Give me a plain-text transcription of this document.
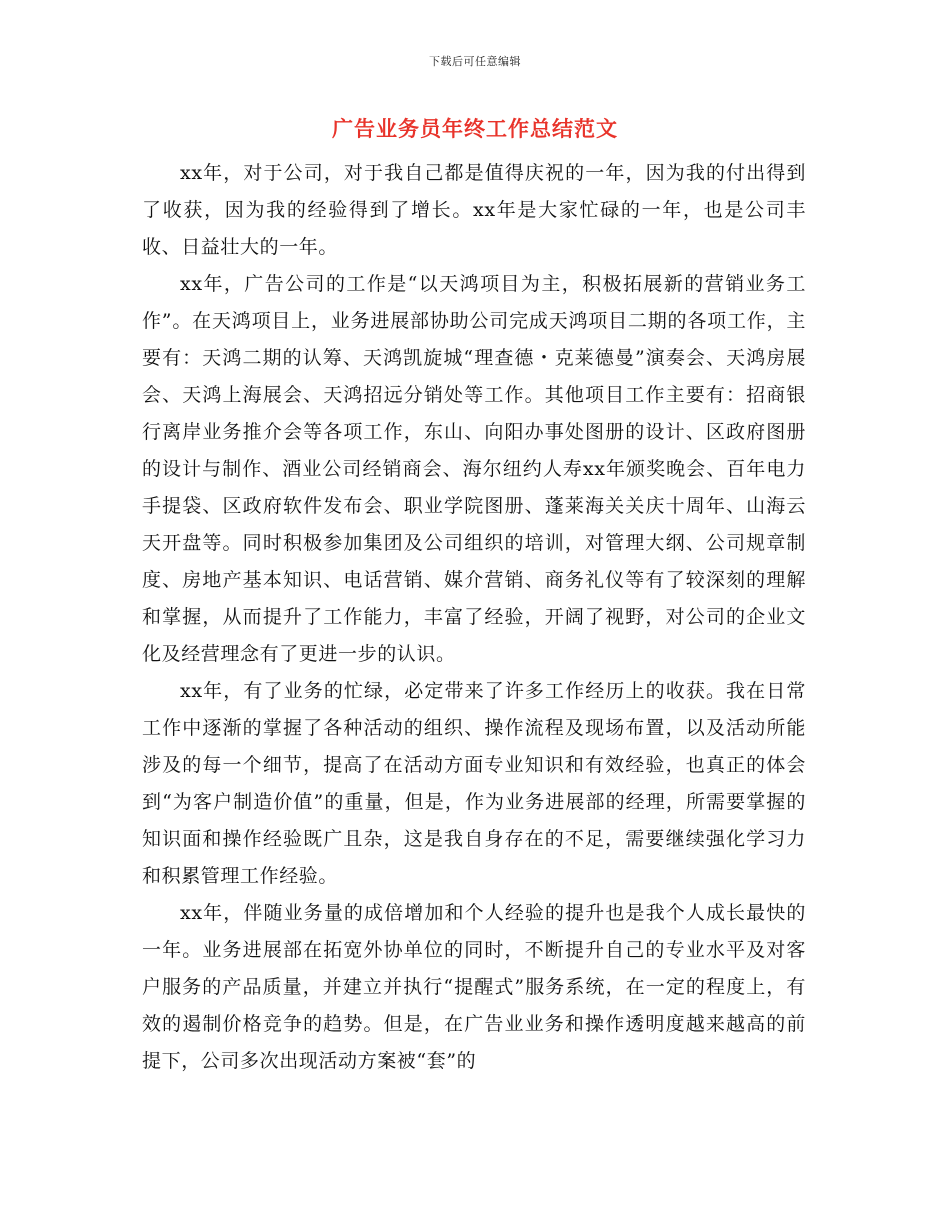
下载后可任意编辑
广告业务员年终工作总结范文

xx年，对于公司，对于我自己都是值得庆祝的一年，因为我的付出得到了收获，因为我的经验得到了增长。xx年是大家忙碌的一年，也是公司丰收、日益壮大的一年。

xx年，广告公司的工作是“以天鸿项目为主，积极拓展新的营销业务工作”。在天鸿项目上，业务进展部协助公司完成天鸿项目二期的各项工作，主要有：天鸿二期的认筹、天鸿凯旋城“理查德・克莱德曼”演奏会、天鸿房展会、天鸿上海展会、天鸿招远分销处等工作。其他项目工作主要有：招商银行离岸业务推介会等各项工作，东山、向阳办事处图册的设计、区政府图册的设计与制作、酒业公司经销商会、海尔纽约人寿xx年颁奖晚会、百年电力手提袋、区政府软件发布会、职业学院图册、蓬莱海关关庆十周年、山海云天开盘等。同时积极参加集团及公司组织的培训，对管理大纲、公司规章制度、房地产基本知识、电话营销、媒介营销、商务礼仪等有了较深刻的理解和掌握，从而提升了工作能力，丰富了经验，开阔了视野，对公司的企业文化及经营理念有了更进一步的认识。

xx年，有了业务的忙绿，必定带来了许多工作经历上的收获。我在日常工作中逐渐的掌握了各种活动的组织、操作流程及现场布置，以及活动所能涉及的每一个细节，提高了在活动方面专业知识和有效经验，也真正的体会到“为客户制造价值”的重量，但是，作为业务进展部的经理，所需要掌握的知识面和操作经验既广且杂，这是我自身存在的不足，需要继续强化学习力和积累管理工作经验。

xx年，伴随业务量的成倍增加和个人经验的提升也是我个人成长最快的一年。业务进展部在拓宽外协单位的同时，不断提升自己的专业水平及对客户服务的产品质量，并建立并执行“提醒式”服务系统，在一定的程度上，有效的遏制价格竞争的趋势。但是，在广告业业务和操作透明度越来越高的前提下，公司多次出现活动方案被“套”的
